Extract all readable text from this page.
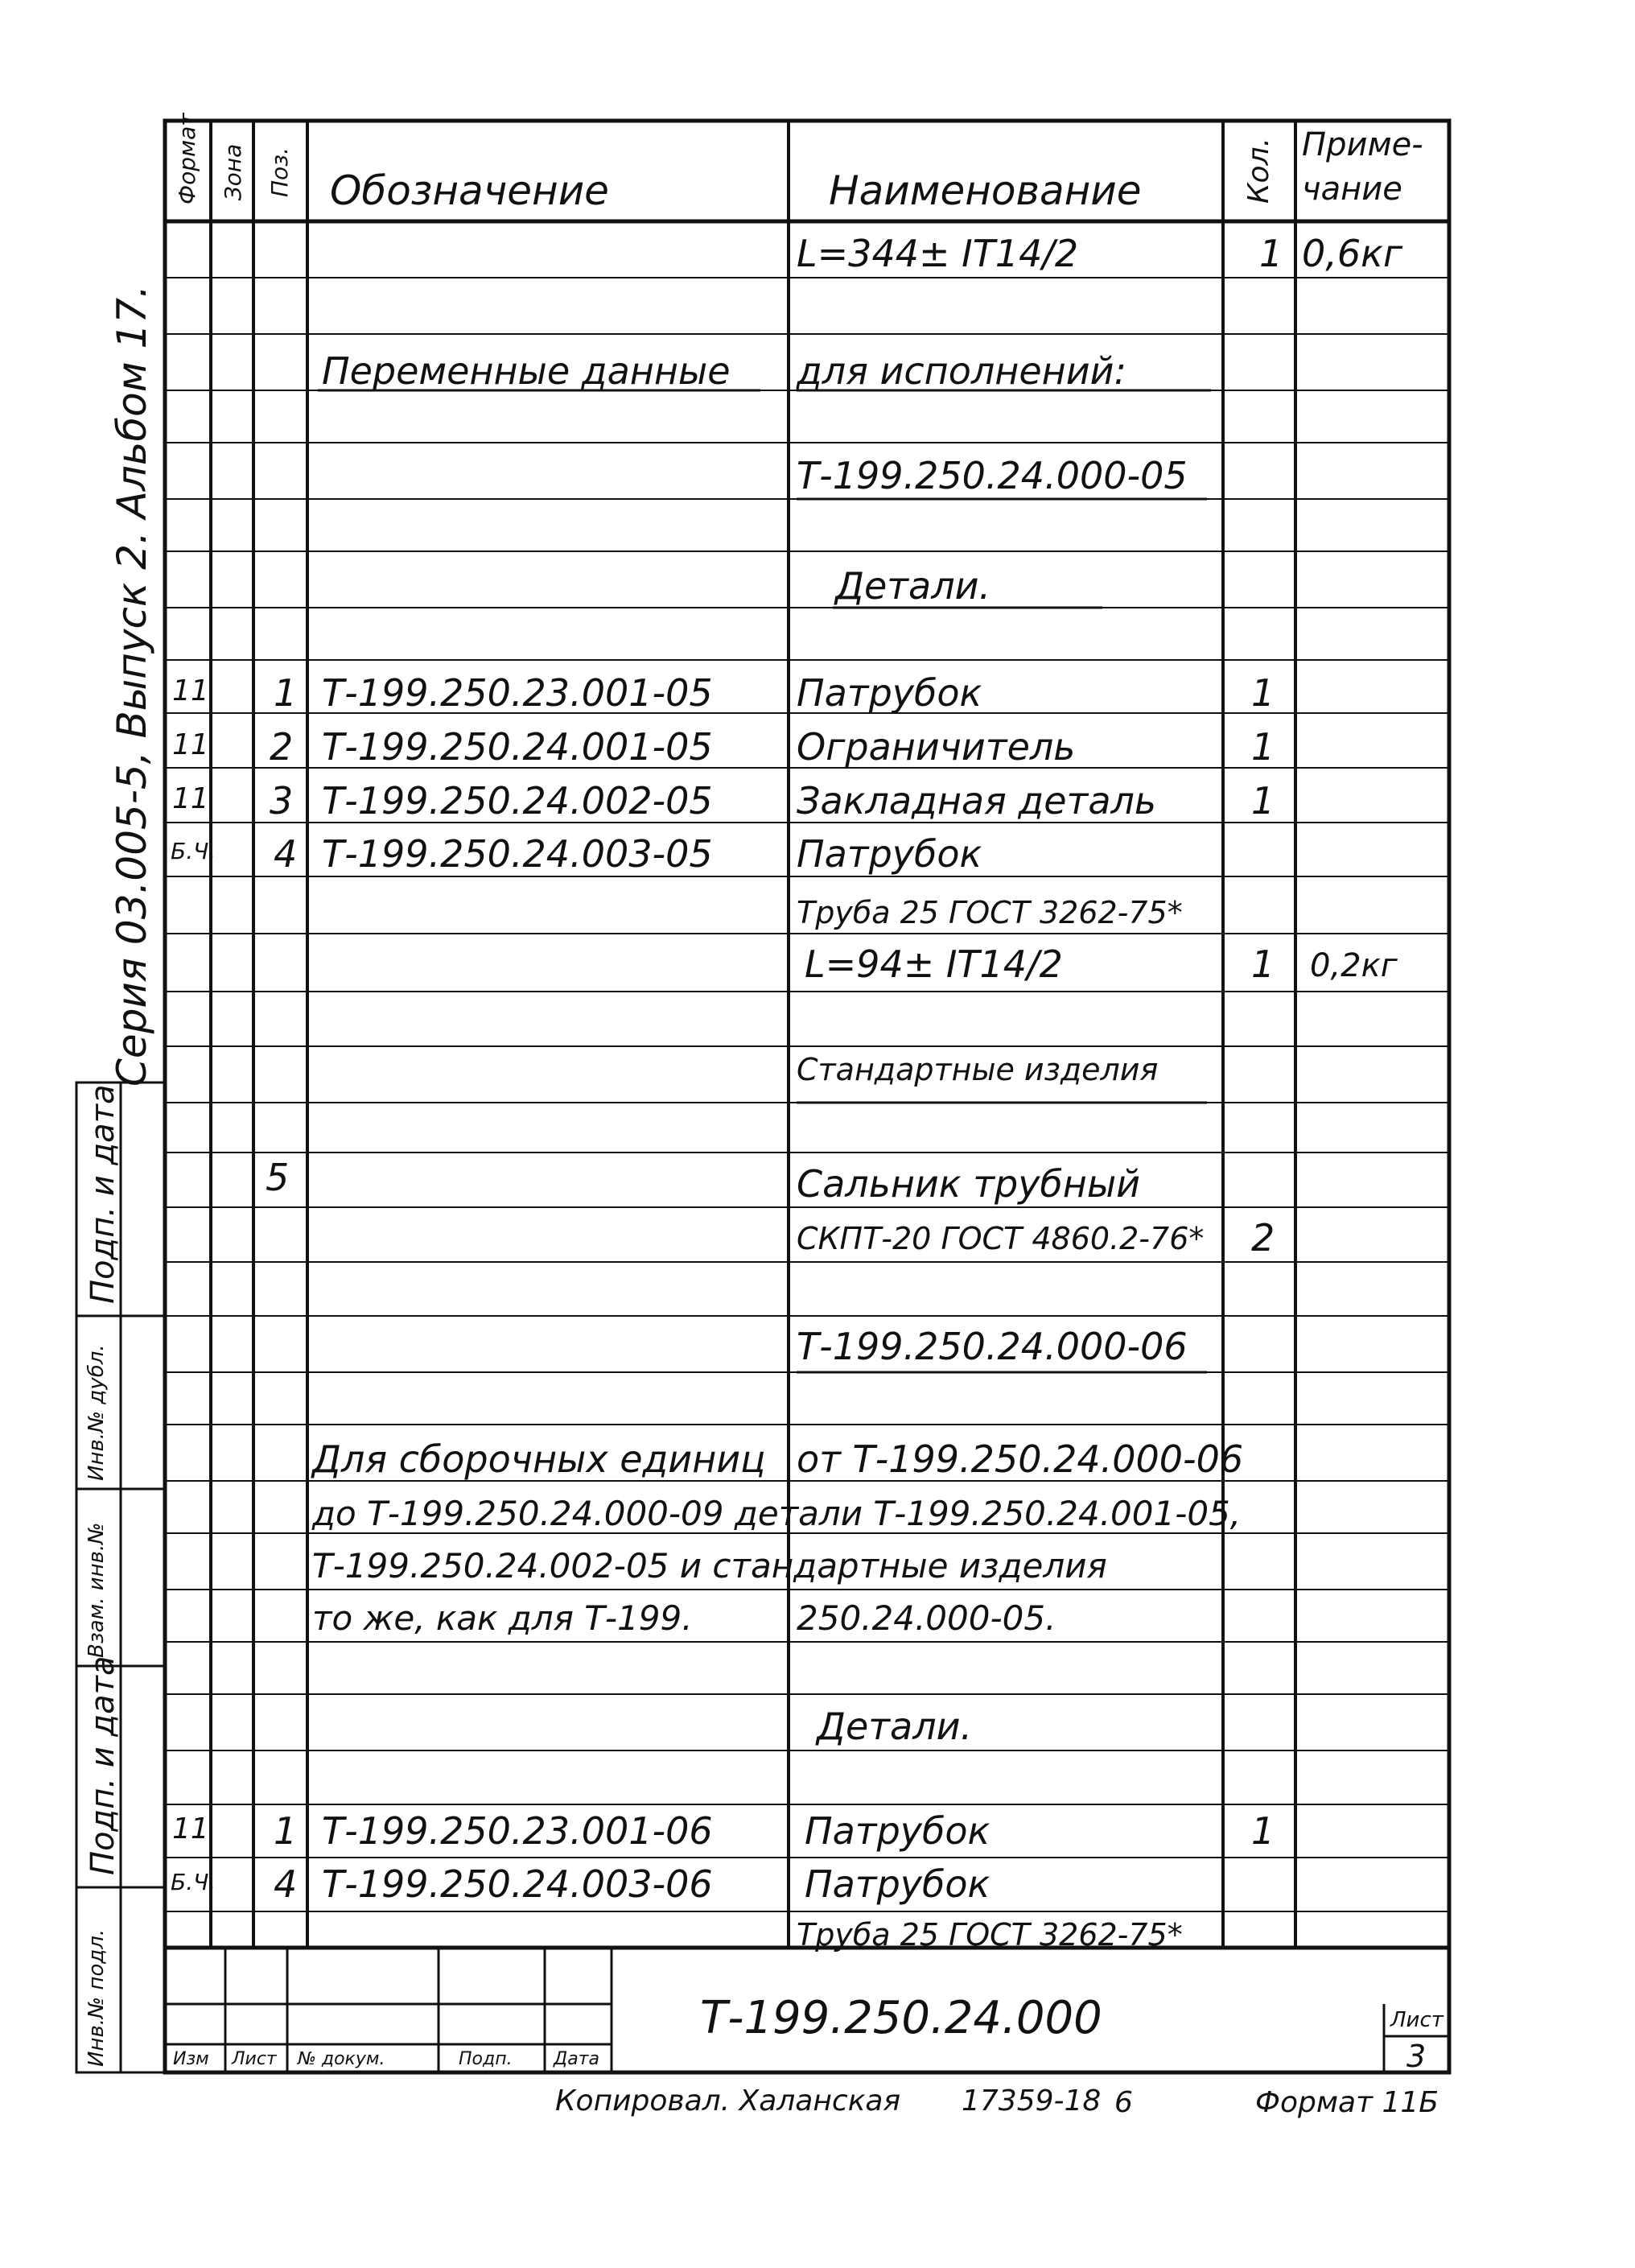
Формат Зона Поз. Обозначение	Наименование	Кол. Приме-
чание
L=344± IT14/2	1 0,6кг
Переменные данные для исполнений:
Т-199.250.24.000-05
Детали.
11 1 Т-199.250.23.001-05 Патрубок	1
11 2 Т-199.250.24.001-05 Ограничитель	1
11 3 Т-199.250.24.002-05 Закладная деталь	1
Б.Ч. 4 Т-199.250.24.003-05 Патрубок
Труба 25 ГОСТ 3262-75*
L=94± IT14/2	1 0,2кг
Стандартные изделия
5	Сальник трубный
СКПТ-20 ГОСТ 4860.2-76* 2
Т-199.250.24.000-06
Для сборочных единиц от Т-199.250.24.000-06
до Т-199.250.24.000-09 детали Т-199.250.24.001-05,
Т-199.250.24.002-05 и стандартные изделия
то же, как для Т-199.	250.24.000-05.
Детали.
11 1 Т-199.250.23.001-06 Патрубок	1
Б.Ч. 4 Т-199.250.24.003-06 Патрубок
Труба 25 ГОСТ 3262-75*
Серия 03.005-5, Выпуск 2. Альбом 17.
Подп. и дата
Инв.№ дубл.
Взам. инв.№
Подп. и дата
Инв.№ подл.	Изм Лист № докум.	Подп. Дата
Т-199.250.24.000	Лист
3
Копировал. Халанская 17359-18 6	Формат 11Б
